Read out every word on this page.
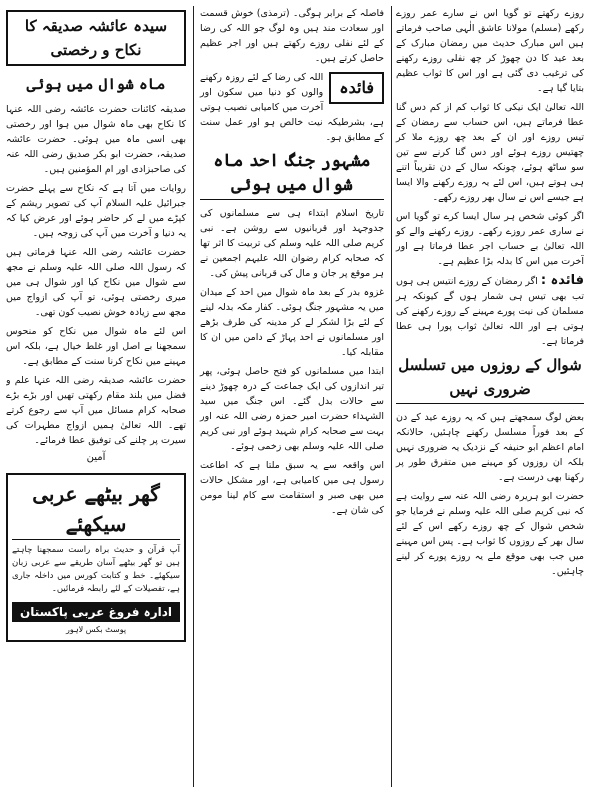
روزے رکھتے تو گویا اس نے سارے عمر روزے رکھے (مسلم) مولانا عاشق الٰہی صاحب فرماتے ہیں اس مبارک حدیث میں رمضان مبارک کے بعد عید کا دن چھوڑ کر چھ نفلی روزے رکھنے کی ترغیب دی گئی ہے اور اس کا ثواب عظیم بتایا گیا ہے۔

اللہ تعالیٰ ایک نیکی کا ثواب کم از کم دس گنا عطا فرماتے ہیں، اس حساب سے رمضان کے تیس روزے اور ان کے بعد چھ روزے ملا کر چھتیس روزے ہوئے اور دس گنا کرنے سے تین سو ساٹھ ہوئے، چونکہ سال کے دن تقریباً اتنے ہی ہوتے ہیں، اس لئے یہ روزے رکھنے والا ایسا ہے جیسے اس نے سال بھر روزے رکھے۔

اگر کوئی شخص ہر سال ایسا کرے تو گویا اس نے ساری عمر روزے رکھے۔ روزے رکھنے والے کو اللہ تعالیٰ بے حساب اجر عطا فرماتا ہے اور آخرت میں اس کا بدلہ بڑا عظیم ہے۔

فائدہ : اگر رمضان کے روزے انتیس ہی ہوں تب بھی تیس ہی شمار ہوں گے کیونکہ ہر مسلمان کی نیت پورے مہینے کے روزے رکھنے کی ہوتی ہے اور اللہ تعالیٰ ثواب پورا ہی عطا فرماتا ہے۔

شوال کے روزوں میں تسلسل ضروری نہیں

بعض لوگ سمجھتے ہیں کہ یہ روزے عید کے دن کے بعد فوراً مسلسل رکھنے چاہئیں، حالانکہ امام اعظم ابو حنیفہ کے نزدیک یہ ضروری نہیں بلکہ ان روزوں کو مہینے میں متفرق طور پر رکھنا بھی درست ہے۔

حضرت ابو ہریرہ رضی اللہ عنہ سے روایت ہے کہ نبی کریم صلی اللہ علیہ وسلم نے فرمایا جو شخص شوال کے چھ روزے رکھے اس کے لئے سال بھر کے روزوں کا ثواب ہے۔ پس اس مہینے میں جب بھی موقع ملے یہ روزے پورے کر لینے چاہئیں۔

فاصلہ کے برابر ہوگی۔ (ترمذی) خوش قسمت اور سعادت مند ہیں وہ لوگ جو اللہ کی رضا کے لئے نفلی روزے رکھتے ہیں اور اجر عظیم حاصل کرتے ہیں۔

فائدہ
اللہ کی رضا کے لئے روزہ رکھنے والوں کو دنیا میں سکون اور آخرت میں کامیابی نصیب ہوتی ہے، بشرطیکہ نیت خالص ہو اور عمل سنت کے مطابق ہو۔

مشہور جنگ احد ماہ شوال میں ہوئی

تاریخ اسلام ابتداء ہی سے مسلمانوں کی جدوجہد اور قربانیوں سے روشن ہے۔ نبی کریم صلی اللہ علیہ وسلم کی تربیت کا اثر تھا کہ صحابہ کرام رضوان اللہ علیہم اجمعین نے ہر موقع پر جان و مال کی قربانی پیش کی۔

غزوہ بدر کے بعد ماہ شوال میں احد کے میدان میں یہ مشہور جنگ ہوئی۔ کفار مکہ بدلہ لینے کے لئے بڑا لشکر لے کر مدینہ کی طرف بڑھے اور مسلمانوں نے احد پہاڑ کے دامن میں ان کا مقابلہ کیا۔

ابتدا میں مسلمانوں کو فتح حاصل ہوئی، پھر تیر اندازوں کی ایک جماعت کے درہ چھوڑ دینے سے حالات بدل گئے۔ اس جنگ میں سید الشہداء حضرت امیر حمزہ رضی اللہ عنہ اور بہت سے صحابہ کرام شہید ہوئے اور نبی کریم صلی اللہ علیہ وسلم بھی زخمی ہوئے۔

اس واقعہ سے یہ سبق ملتا ہے کہ اطاعت رسول ہی میں کامیابی ہے، اور مشکل حالات میں بھی صبر و استقامت سے کام لینا مومن کی شان ہے۔

سیدہ عائشہ صدیقہ کا نکاح و رخصتی
ماہ شوال میں ہوئی

صدیقہ کائنات حضرت عائشہ رضی اللہ عنہا کا نکاح بھی ماہ شوال میں ہوا اور رخصتی بھی اسی ماہ میں ہوئی۔ حضرت عائشہ صدیقہ، حضرت ابو بکر صدیق رضی اللہ عنہ کی صاحبزادی اور ام المؤمنین ہیں۔

روایات میں آتا ہے کہ نکاح سے پہلے حضرت جبرائیل علیہ السلام آپ کی تصویر ریشم کے کپڑے میں لے کر حاضر ہوئے اور عرض کیا کہ یہ دنیا و آخرت میں آپ کی زوجہ ہیں۔

حضرت عائشہ رضی اللہ عنہا فرماتی ہیں کہ رسول اللہ صلی اللہ علیہ وسلم نے مجھ سے شوال میں نکاح کیا اور شوال ہی میں میری رخصتی ہوئی، تو آپ کی ازواج میں مجھ سے زیادہ خوش نصیب کون تھی۔

اس لئے ماہ شوال میں نکاح کو منحوس سمجھنا بے اصل اور غلط خیال ہے، بلکہ اس مہینے میں نکاح کرنا سنت کے مطابق ہے۔

حضرت عائشہ صدیقہ رضی اللہ عنہا علم و فضل میں بلند مقام رکھتی تھیں اور بڑے بڑے صحابہ کرام مسائل میں آپ سے رجوع کرتے تھے۔ اللہ تعالیٰ ہمیں ازواج مطہرات کی سیرت پر چلنے کی توفیق عطا فرمائے۔

آمین
گھر بیٹھے عربی سیکھئے
آپ قرآن و حدیث براہ راست سمجھنا چاہتے ہیں تو گھر بیٹھے آسان طریقے سے عربی زبان سیکھئے۔ خط و کتابت کورس میں داخلہ جاری ہے، تفصیلات کے لئے رابطہ فرمائیں۔
ادارہ فروغ عربی پاکستان
پوسٹ بکس لاہور
